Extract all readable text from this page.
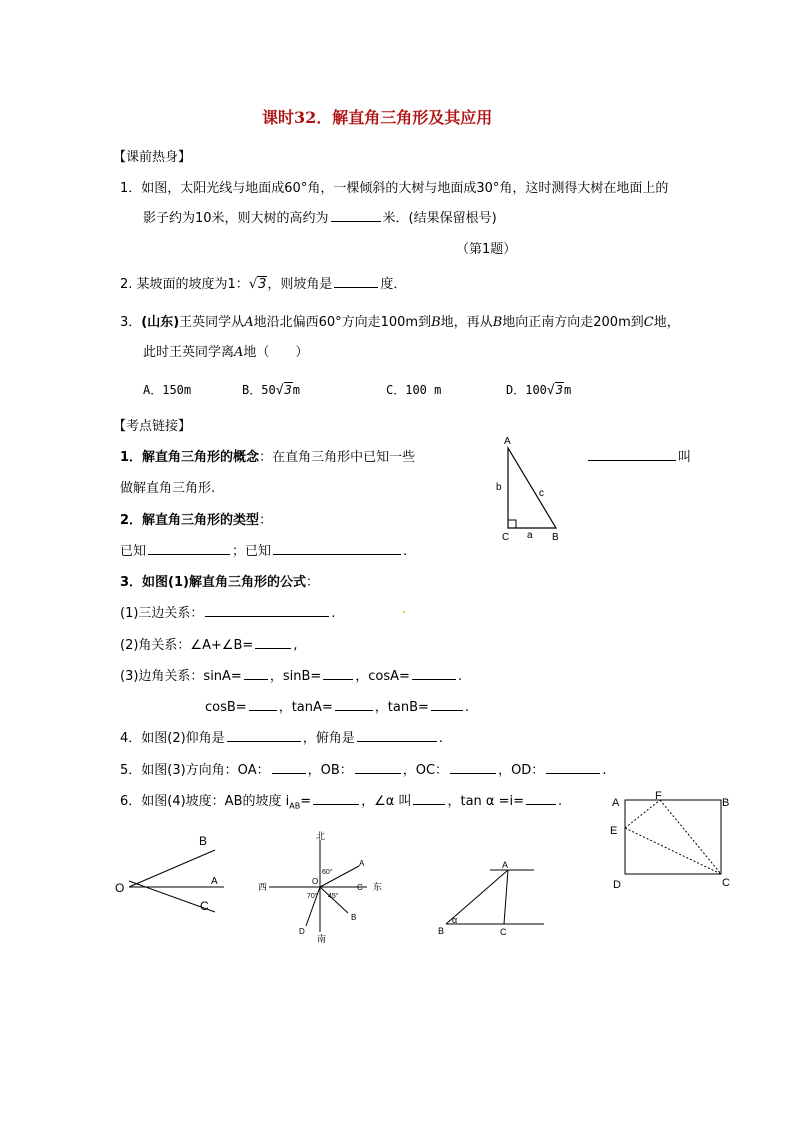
课时32．解直角三角形及其应用
【课前热身】
1．如图，太阳光线与地面成60°角，一棵倾斜的大树与地面成30°角，这时测得大树在地面上的
影子约为10米，则大树的高约为	米．(结果保留根号)
（第1题）
2. 某坡面的坡度为1：√3，则坡角是	度．
3．(山东)王英同学从A地沿北偏西60°方向走100m到B地，再从B地向正南方向走200m到C地，
此时王英同学离A地（　　）
A．150m	B．50√3m	C．100 m	D．100√3m
【考点链接】
1．解直角三角形的概念：在直角三角形中已知一些	叫
做解直角三角形.
2．解直角三角形的类型：
已知	；已知	.
3．如图(1)解直角三角形的公式：
(1)三边关系：	.	.
(2)角关系：∠A+∠B=	,
(3)边角关系：sinA= ，sinB=	，cosA=	.
cosB= ，tanA=	，tanB=	.
4．如图(2)仰角是	，俯角是	.
5．如图(3)方向角：OA：	，OB：	，OC：	，OD：	.
6．如图(4)坡度：AB的坡度 $i_{AB}=$	，∠α 叫	，tan α =i=	.
A
b
c
C a B
O
B
A
C
北
南
西	东
O
A
C
B
D
60°
70° 45°
A
B	C
α
A
F
B
E
D	C
